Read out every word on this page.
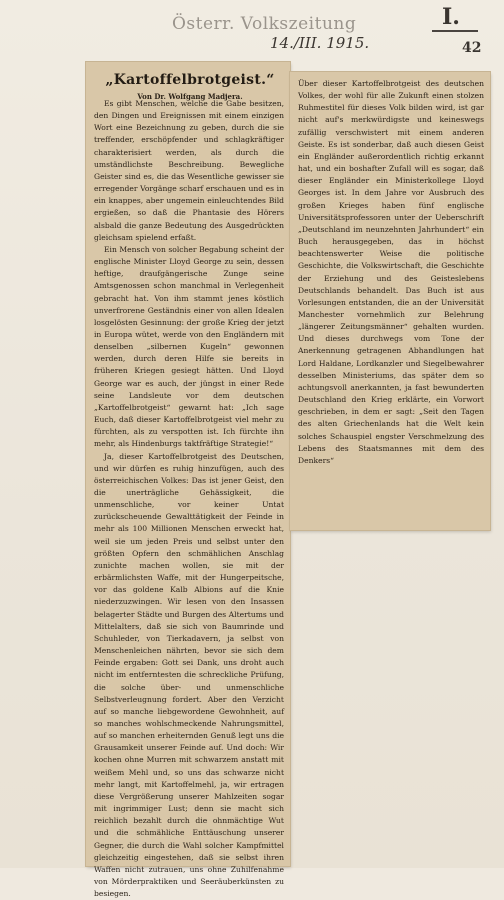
Österr. Volkszeitung	I.
14./III. 1915.	42
„Kartoffelbrotgeist.“
Von Dr. Wolfgang Madjera.

Es gibt Menschen, welche die Gabe besitzen, den Dingen und Ereignissen mit einem einzigen Wort eine Bezeichnung zu geben, durch die sie treffender, erschöpfender und schlagkräftiger charakterisiert werden, als durch die umständlichste Beschreibung. Bewegliche Geister sind es, die das Wesentliche gewisser sie erregender Vorgänge scharf erschauen und es in ein knappes, aber ungemein einleuchtendes Bild ergießen, so daß die Phantasie des Hörers alsbald die ganze Bedeutung des Ausgedrückten gleichsam spielend erfaßt.

Ein Mensch von solcher Begabung scheint der englische Minister Lloyd George zu sein, dessen heftige, draufgängerische Zunge seine Amtsgenossen schon manchmal in Verlegenheit gebracht hat. Von ihm stammt jenes köstlich unverfrorene Geständnis einer von allen Idealen losgelösten Gesinnung: der große Krieg der jetzt in Europa wütet, werde von den Engländern mit denselben „silbernen Kugeln“ gewonnen werden, durch deren Hilfe sie bereits in früheren Kriegen gesiegt hätten. Und Lloyd George war es auch, der jüngst in einer Rede seine Landsleute vor dem deutschen „Kartoffelbrotgeist“ gewarnt hat: „Ich sage Euch, daß dieser Kartoffelbrotgeist viel mehr zu fürchten, als zu verspotten ist. Ich fürchte ihn mehr, als Hindenburgs taktfräftige Strategie!“

Ja, dieser Kartoffelbrotgeist des Deutschen, und wir dürfen es ruhig hinzufügen, auch des österreichischen Volkes: Das ist jener Geist, den die unerträgliche Gehässigkeit, die unmenschliche, vor keiner Untat zurückscheuende Gewalttätigkeit der Feinde in mehr als 100 Millionen Menschen erweckt hat, weil sie um jeden Preis und selbst unter den größten Opfern den schmählichen Anschlag zunichte machen wollen, sie mit der erbärmlichsten Waffe, mit der Hungerpeitsche, vor das goldene Kalb Albions auf die Knie niederzuzwingen. Wir lesen von den Insassen belagerter Städte und Burgen des Altertums und Mittelalters, daß sie sich von Baumrinde und Schuhleder, von Tierkadavern, ja selbst von Menschenleichen nährten, bevor sie sich dem Feinde ergaben: Gott sei Dank, uns droht auch nicht im entferntesten die schreckliche Prüfung, die solche über- und unmenschliche Selbstverleugnung fordert. Aber den Verzicht auf so manche liebgewordene Gewohnheit, auf so manches wohlschmeckende Nahrungsmittel, auf so manchen erheiternden Genuß legt uns die Grausamkeit unserer Feinde auf. Und doch: Wir kochen ohne Murren mit schwarzem anstatt mit weißem Mehl und, so uns das schwarze nicht mehr langt, mit Kartoffelmehl, ja, wir ertragen diese Vergrößerung unserer Mahlzeiten sogar mit ingrimmiger Lust; denn sie macht sich reichlich bezahlt durch die ohnmächtige Wut und die schmähliche Enttäuschung unserer Gegner, die durch die Wahl solcher Kampfmittel gleichzeitig eingestehen, daß sie selbst ihren Waffen nicht zutrauen, uns ohne Zuhilfenahme von Mörderpraktiken und Seeräuberkünsten zu besiegen.

Über dieser Kartoffelbrotgeist des deutschen Volkes, der wohl für alle Zukunft einen stolzen Ruhmestitel für dieses Volk bilden wird, ist gar nicht auf's merkwürdigste und keineswegs zufällig verschwistert mit einem anderen Geiste. Es ist sonderbar, daß auch diesen Geist ein Engländer außerordentlich richtig erkannt hat, und ein boshafter Zufall will es sogar, daß dieser Engländer ein Ministerkollege Lloyd Georges ist. In dem Jahre vor Ausbruch des großen Krieges haben fünf englische Universitätsprofessoren unter der Ueberschrift „Deutschland im neunzehnten Jahrhundert“ ein Buch herausgegeben, das in höchst beachtenswerter Weise die politische Geschichte, die Volkswirtschaft, die Geschichte der Erziehung und des Geisteslebens Deutschlands behandelt. Das Buch ist aus Vorlesungen entstanden, die an der Universität Manchester vornehmlich zur Belehrung „längerer Zeitungsmänner“ gehalten wurden. Und dieses durchwegs vom Tone der Anerkennung getragenen Abhandlungen hat Lord Haldane, Lordkanzler und Siegelbewahrer desselben Ministeriums, das später dem so achtungsvoll anerkannten, ja fast bewunderten Deutschland den Krieg erklärte, ein Vorwort geschrieben, in dem er sagt: „Seit den Tagen des alten Griechenlands hat die Welt kein solches Schauspiel engster Verschmelzung des Lebens des Staatsmannes mit dem des Denkers“
